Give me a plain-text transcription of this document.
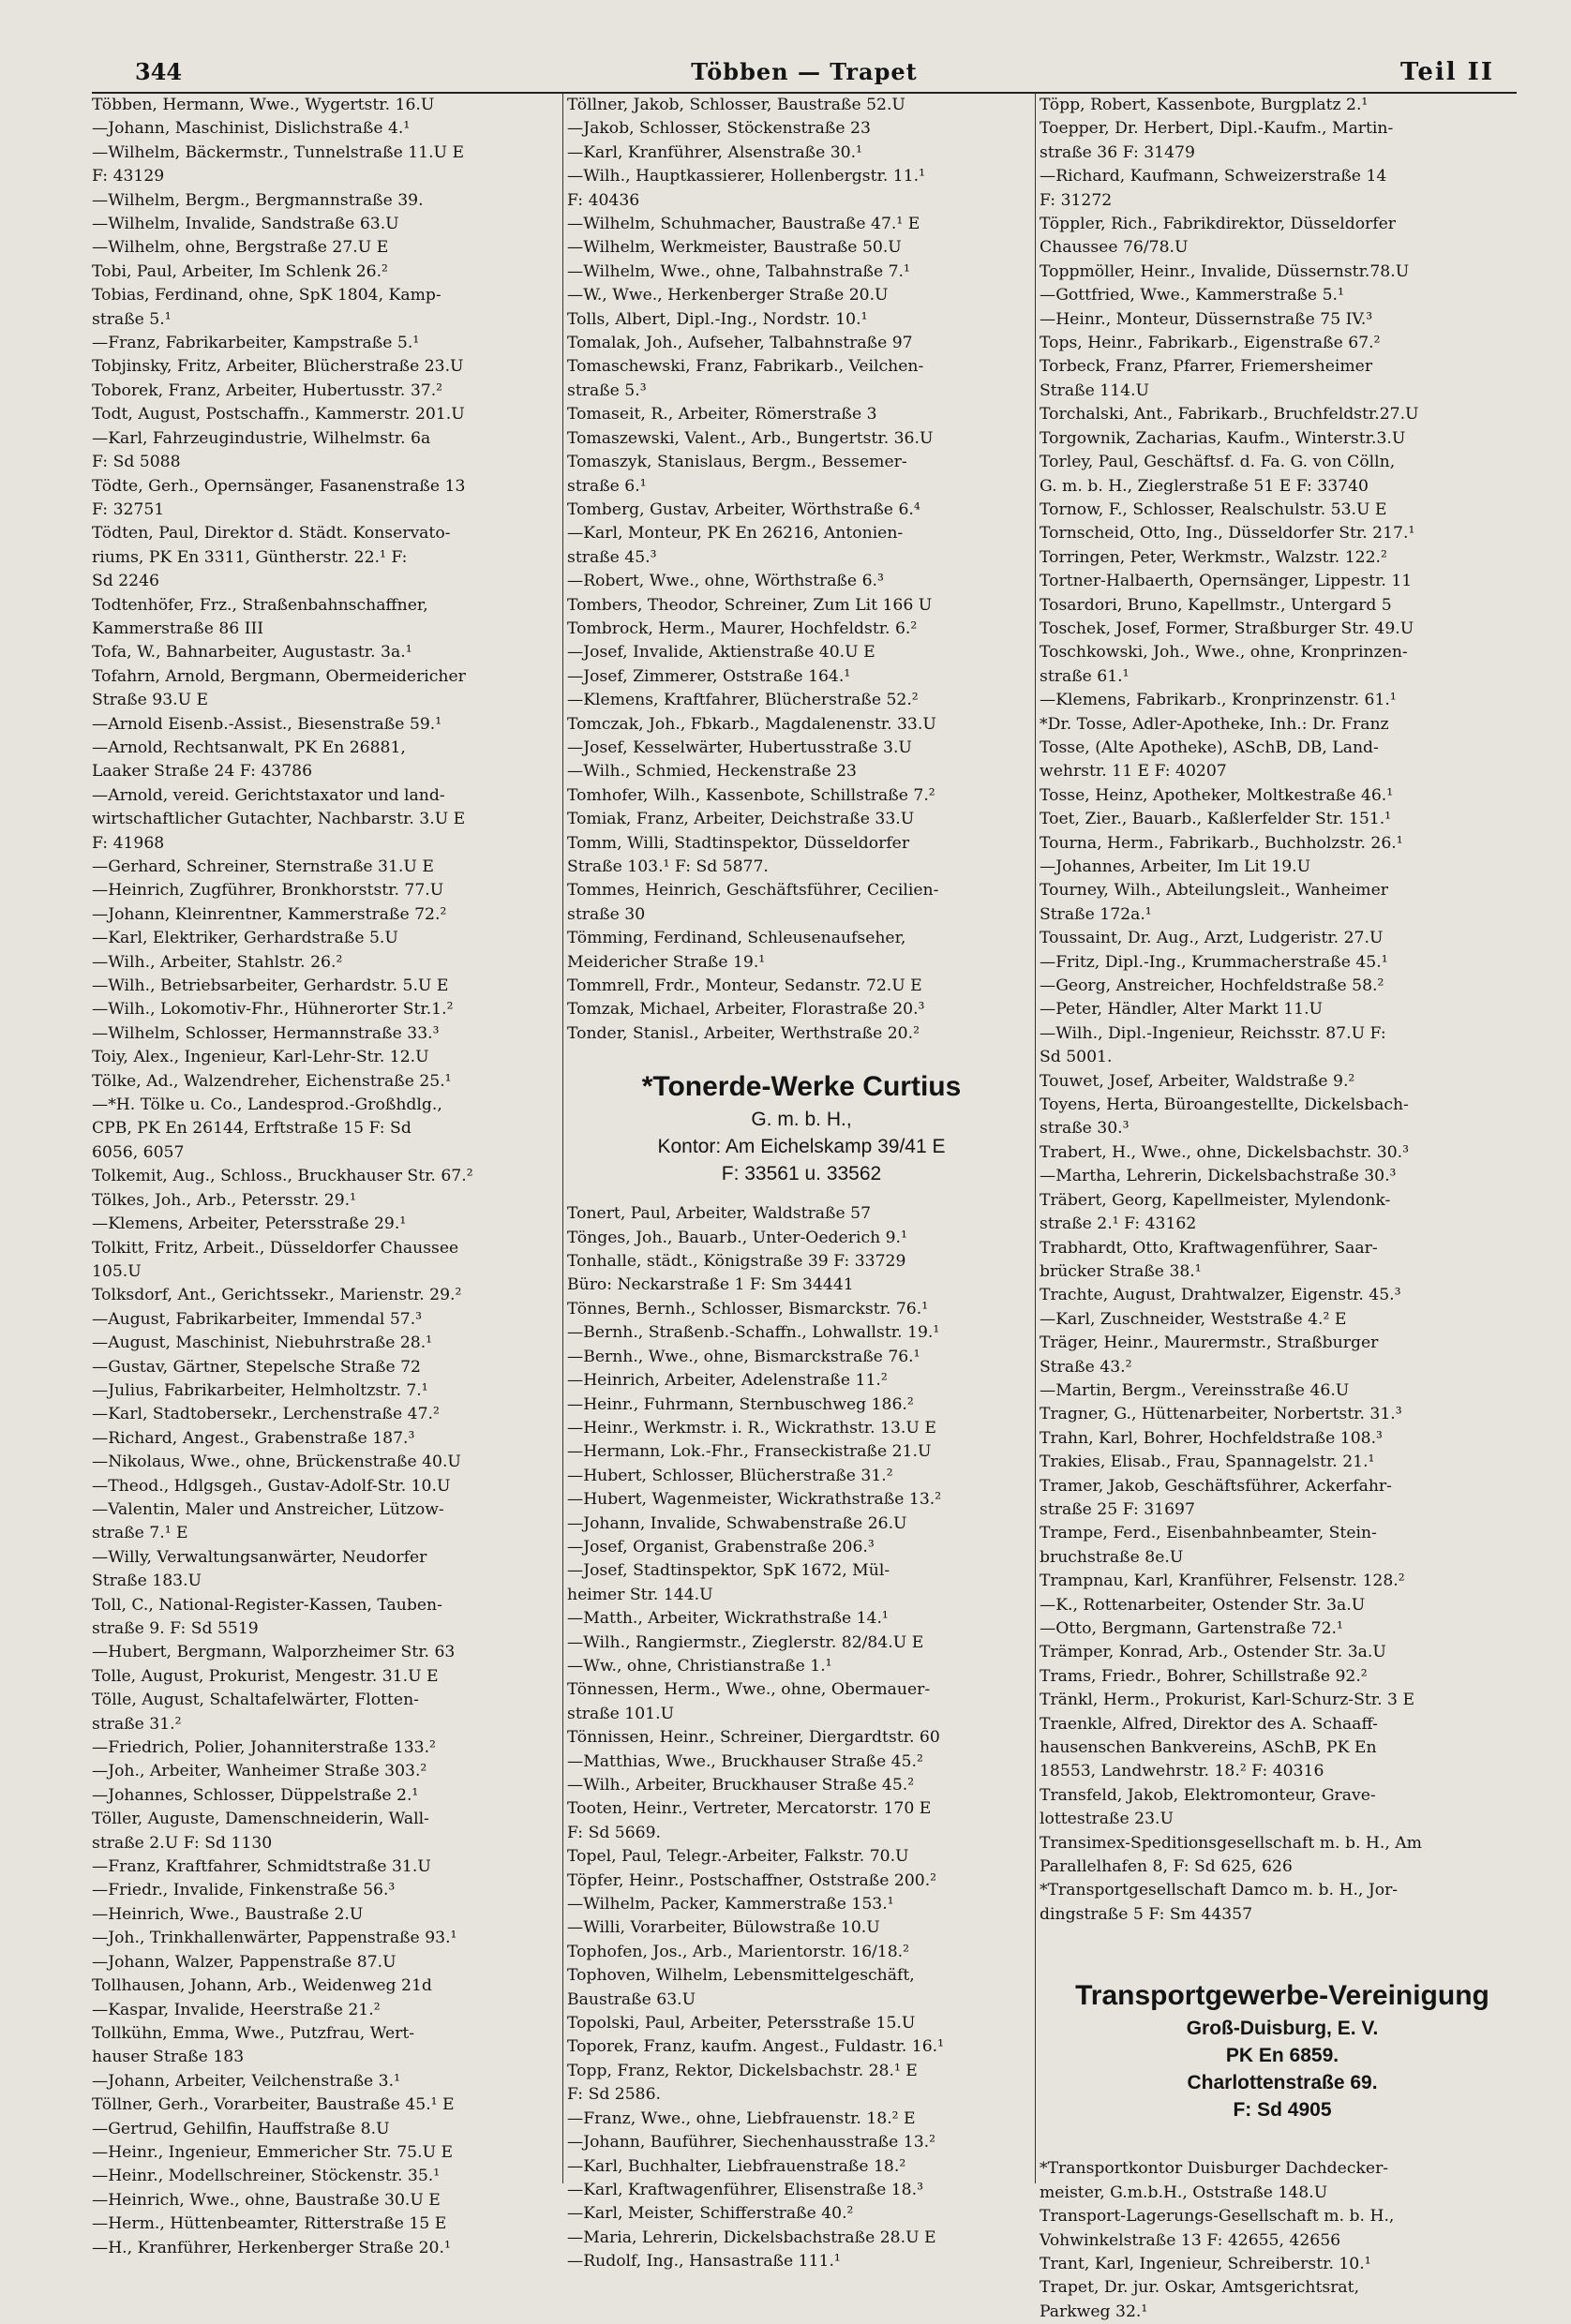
344	Többen — Trapet	Teil II
Többen, Hermann, Wwe., Wygertstr. 16.U
—Johann, Maschinist, Dislichstraße 4.¹
—Wilhelm, Bäckermstr., Tunnelstraße 11.U E
F: 43129
—Wilhelm, Bergm., Bergmannstraße 39.
—Wilhelm, Invalide, Sandstraße 63.U
—Wilhelm, ohne, Bergstraße 27.U E
Tobi, Paul, Arbeiter, Im Schlenk 26.²
Tobias, Ferdinand, ohne, SpK 1804, Kamp-
straße 5.¹
—Franz, Fabrikarbeiter, Kampstraße 5.¹
Tobjinsky, Fritz, Arbeiter, Blücherstraße 23.U
Toborek, Franz, Arbeiter, Hubertusstr. 37.²
Todt, August, Postschaffn., Kammerstr. 201.U
—Karl, Fahrzeugindustrie, Wilhelmstr. 6a
F: Sd 5088
Tödte, Gerh., Opernsänger, Fasanenstraße 13
F: 32751
Tödten, Paul, Direktor d. Städt. Konservato-
riums, PK En 3311, Güntherstr. 22.¹ F:
Sd 2246
Todtenhöfer, Frz., Straßenbahnschaffner,
Kammerstraße 86 III
Tofa, W., Bahnarbeiter, Augustastr. 3a.¹
Tofahrn, Arnold, Bergmann, Obermeidericher
Straße 93.U E
—Arnold Eisenb.-Assist., Biesenstraße 59.¹
—Arnold, Rechtsanwalt, PK En 26881,
Laaker Straße 24 F: 43786
—Arnold, vereid. Gerichtstaxator und land-
wirtschaftlicher Gutachter, Nachbarstr. 3.U E
F: 41968
—Gerhard, Schreiner, Sternstraße 31.U E
—Heinrich, Zugführer, Bronkhorststr. 77.U
—Johann, Kleinrentner, Kammerstraße 72.²
—Karl, Elektriker, Gerhardstraße 5.U
—Wilh., Arbeiter, Stahlstr. 26.²
—Wilh., Betriebsarbeiter, Gerhardstr. 5.U E
—Wilh., Lokomotiv-Fhr., Hühnerorter Str.1.²
—Wilhelm, Schlosser, Hermannstraße 33.³
Toiy, Alex., Ingenieur, Karl-Lehr-Str. 12.U
Tölke, Ad., Walzendreher, Eichenstraße 25.¹
—*H. Tölke u. Co., Landesprod.-Großhdlg.,
CPB, PK En 26144, Erftstraße 15 F: Sd
6056, 6057
Tolkemit, Aug., Schloss., Bruckhauser Str. 67.²
Tölkes, Joh., Arb., Petersstr. 29.¹
—Klemens, Arbeiter, Petersstraße 29.¹
Tolkitt, Fritz, Arbeit., Düsseldorfer Chaussee
105.U
Tolksdorf, Ant., Gerichtssekr., Marienstr. 29.²
—August, Fabrikarbeiter, Immendal 57.³
—August, Maschinist, Niebuhrstraße 28.¹
—Gustav, Gärtner, Stepelsche Straße 72
—Julius, Fabrikarbeiter, Helmholtzstr. 7.¹
—Karl, Stadtobersekr., Lerchenstraße 47.²
—Richard, Angest., Grabenstraße 187.³
—Nikolaus, Wwe., ohne, Brückenstraße 40.U
—Theod., Hdlgsgeh., Gustav-Adolf-Str. 10.U
—Valentin, Maler und Anstreicher, Lützow-
straße 7.¹ E
—Willy, Verwaltungsanwärter, Neudorfer
Straße 183.U
Toll, C., National-Register-Kassen, Tauben-
straße 9. F: Sd 5519
—Hubert, Bergmann, Walporzheimer Str. 63
Tolle, August, Prokurist, Mengestr. 31.U E
Tölle, August, Schaltafelwärter, Flotten-
straße 31.²
—Friedrich, Polier, Johanniterstraße 133.²
—Joh., Arbeiter, Wanheimer Straße 303.²
—Johannes, Schlosser, Düppelstraße 2.¹
Töller, Auguste, Damenschneiderin, Wall-
straße 2.U F: Sd 1130
—Franz, Kraftfahrer, Schmidtstraße 31.U
—Friedr., Invalide, Finkenstraße 56.³
—Heinrich, Wwe., Baustraße 2.U
—Joh., Trinkhallenwärter, Pappenstraße 93.¹
—Johann, Walzer, Pappenstraße 87.U
Tollhausen, Johann, Arb., Weidenweg 21d
—Kaspar, Invalide, Heerstraße 21.²
Tollkühn, Emma, Wwe., Putzfrau, Wert-
hauser Straße 183
—Johann, Arbeiter, Veilchenstraße 3.¹
Töllner, Gerh., Vorarbeiter, Baustraße 45.¹ E
—Gertrud, Gehilfin, Hauffstraße 8.U
—Heinr., Ingenieur, Emmericher Str. 75.U E
—Heinr., Modellschreiner, Stöckenstr. 35.¹
—Heinrich, Wwe., ohne, Baustraße 30.U E
—Herm., Hüttenbeamter, Ritterstraße 15 E
—H., Kranführer, Herkenberger Straße 20.¹
Töllner, Jakob, Schlosser, Baustraße 52.U
—Jakob, Schlosser, Stöckenstraße 23
—Karl, Kranführer, Alsenstraße 30.¹
—Wilh., Hauptkassierer, Hollenbergstr. 11.¹
F: 40436
—Wilhelm, Schuhmacher, Baustraße 47.¹ E
—Wilhelm, Werkmeister, Baustraße 50.U
—Wilhelm, Wwe., ohne, Talbahnstraße 7.¹
—W., Wwe., Herkenberger Straße 20.U
Tolls, Albert, Dipl.-Ing., Nordstr. 10.¹
Tomalak, Joh., Aufseher, Talbahnstraße 97
Tomaschewski, Franz, Fabrikarb., Veilchen-
straße 5.³
Tomaseit, R., Arbeiter, Römerstraße 3
Tomaszewski, Valent., Arb., Bungertstr. 36.U
Tomaszyk, Stanislaus, Bergm., Bessemer-
straße 6.¹
Tomberg, Gustav, Arbeiter, Wörthstraße 6.⁴
—Karl, Monteur, PK En 26216, Antonien-
straße 45.³
—Robert, Wwe., ohne, Wörthstraße 6.³
Tombers, Theodor, Schreiner, Zum Lit 166 U
Tombrock, Herm., Maurer, Hochfeldstr. 6.²
—Josef, Invalide, Aktienstraße 40.U E
—Josef, Zimmerer, Oststraße 164.¹
—Klemens, Kraftfahrer, Blücherstraße 52.²
Tomczak, Joh., Fbkarb., Magdalenenstr. 33.U
—Josef, Kesselwärter, Hubertusstraße 3.U
—Wilh., Schmied, Heckenstraße 23
Tomhofer, Wilh., Kassenbote, Schillstraße 7.²
Tomiak, Franz, Arbeiter, Deichstraße 33.U
Tomm, Willi, Stadtinspektor, Düsseldorfer
Straße 103.¹ F: Sd 5877.
Tommes, Heinrich, Geschäftsführer, Cecilien-
straße 30
Tömming, Ferdinand, Schleusenaufseher,
Meidericher Straße 19.¹
Tommrell, Frdr., Monteur, Sedanstr. 72.U E
Tomzak, Michael, Arbeiter, Florastraße 20.³
Tonder, Stanisl., Arbeiter, Werthstraße 20.²
*Tonerde-Werke Curtius
G. m. b. H.,
Kontor: Am Eichelskamp 39/41 E
F: 33561 u. 33562
Tonert, Paul, Arbeiter, Waldstraße 57
Tönges, Joh., Bauarb., Unter-Oederich 9.¹
Tonhalle, städt., Königstraße 39 F: 33729
Büro: Neckarstraße 1 F: Sm 34441
Tönnes, Bernh., Schlosser, Bismarckstr. 76.¹
—Bernh., Straßenb.-Schaffn., Lohwallstr. 19.¹
—Bernh., Wwe., ohne, Bismarckstraße 76.¹
—Heinrich, Arbeiter, Adelenstraße 11.²
—Heinr., Fuhrmann, Sternbuschweg 186.²
—Heinr., Werkmstr. i. R., Wickrathstr. 13.U E
—Hermann, Lok.-Fhr., Franseckistraße 21.U
—Hubert, Schlosser, Blücherstraße 31.²
—Hubert, Wagenmeister, Wickrathstraße 13.²
—Johann, Invalide, Schwabenstraße 26.U
—Josef, Organist, Grabenstraße 206.³
—Josef, Stadtinspektor, SpK 1672, Mül-
heimer Str. 144.U
—Matth., Arbeiter, Wickrathstraße 14.¹
—Wilh., Rangiermstr., Zieglerstr. 82/84.U E
—Ww., ohne, Christianstraße 1.¹
Tönnessen, Herm., Wwe., ohne, Obermauer-
straße 101.U
Tönnissen, Heinr., Schreiner, Diergardtstr. 60
—Matthias, Wwe., Bruckhauser Straße 45.²
—Wilh., Arbeiter, Bruckhauser Straße 45.²
Tooten, Heinr., Vertreter, Mercatorstr. 170 E
F: Sd 5669.
Topel, Paul, Telegr.-Arbeiter, Falkstr. 70.U
Töpfer, Heinr., Postschaffner, Oststraße 200.²
—Wilhelm, Packer, Kammerstraße 153.¹
—Willi, Vorarbeiter, Bülowstraße 10.U
Tophofen, Jos., Arb., Marientorstr. 16/18.²
Tophoven, Wilhelm, Lebensmittelgeschäft,
Baustraße 63.U
Topolski, Paul, Arbeiter, Petersstraße 15.U
Toporek, Franz, kaufm. Angest., Fuldastr. 16.¹
Topp, Franz, Rektor, Dickelsbachstr. 28.¹ E
F: Sd 2586.
—Franz, Wwe., ohne, Liebfrauenstr. 18.² E
—Johann, Bauführer, Siechenhausstraße 13.²
—Karl, Buchhalter, Liebfrauenstraße 18.²
—Karl, Kraftwagenführer, Elisenstraße 18.³
—Karl, Meister, Schifferstraße 40.²
—Maria, Lehrerin, Dickelsbachstraße 28.U E
—Rudolf, Ing., Hansastraße 111.¹
Töpp, Robert, Kassenbote, Burgplatz 2.¹
Toepper, Dr. Herbert, Dipl.-Kaufm., Martin-
straße 36 F: 31479
—Richard, Kaufmann, Schweizerstraße 14
F: 31272
Töppler, Rich., Fabrikdirektor, Düsseldorfer
Chaussee 76/78.U
Toppmöller, Heinr., Invalide, Düssernstr.78.U
—Gottfried, Wwe., Kammerstraße 5.¹
—Heinr., Monteur, Düssernstraße 75 IV.³
Tops, Heinr., Fabrikarb., Eigenstraße 67.²
Torbeck, Franz, Pfarrer, Friemersheimer
Straße 114.U
Torchalski, Ant., Fabrikarb., Bruchfeldstr.27.U
Torgownik, Zacharias, Kaufm., Winterstr.3.U
Torley, Paul, Geschäftsf. d. Fa. G. von Cölln,
G. m. b. H., Zieglerstraße 51 E F: 33740
Tornow, F., Schlosser, Realschulstr. 53.U E
Tornscheid, Otto, Ing., Düsseldorfer Str. 217.¹
Torringen, Peter, Werkmstr., Walzstr. 122.²
Tortner-Halbaerth, Opernsänger, Lippestr. 11
Tosardori, Bruno, Kapellmstr., Untergard 5
Toschek, Josef, Former, Straßburger Str. 49.U
Toschkowski, Joh., Wwe., ohne, Kronprinzen-
straße 61.¹
—Klemens, Fabrikarb., Kronprinzenstr. 61.¹
*Dr. Tosse, Adler-Apotheke, Inh.: Dr. Franz
Tosse, (Alte Apotheke), ASchB, DB, Land-
wehrstr. 11 E F: 40207
Tosse, Heinz, Apotheker, Moltkestraße 46.¹
Toet, Zier., Bauarb., Kaßlerfelder Str. 151.¹
Tourna, Herm., Fabrikarb., Buchholzstr. 26.¹
—Johannes, Arbeiter, Im Lit 19.U
Tourney, Wilh., Abteilungsleit., Wanheimer
Straße 172a.¹
Toussaint, Dr. Aug., Arzt, Ludgeristr. 27.U
—Fritz, Dipl.-Ing., Krummacherstraße 45.¹
—Georg, Anstreicher, Hochfeldstraße 58.²
—Peter, Händler, Alter Markt 11.U
—Wilh., Dipl.-Ingenieur, Reichsstr. 87.U F:
Sd 5001.
Touwet, Josef, Arbeiter, Waldstraße 9.²
Toyens, Herta, Büroangestellte, Dickelsbach-
straße 30.³
Trabert, H., Wwe., ohne, Dickelsbachstr. 30.³
—Martha, Lehrerin, Dickelsbachstraße 30.³
Träbert, Georg, Kapellmeister, Mylendonk-
straße 2.¹ F: 43162
Trabhardt, Otto, Kraftwagenführer, Saar-
brücker Straße 38.¹
Trachte, August, Drahtwalzer, Eigenstr. 45.³
—Karl, Zuschneider, Weststraße 4.² E
Träger, Heinr., Maurermstr., Straßburger
Straße 43.²
—Martin, Bergm., Vereinsstraße 46.U
Tragner, G., Hüttenarbeiter, Norbertstr. 31.³
Trahn, Karl, Bohrer, Hochfeldstraße 108.³
Trakies, Elisab., Frau, Spannagelstr. 21.¹
Tramer, Jakob, Geschäftsführer, Ackerfahr-
straße 25 F: 31697
Trampe, Ferd., Eisenbahnbeamter, Stein-
bruchstraße 8e.U
Trampnau, Karl, Kranführer, Felsenstr. 128.²
—K., Rottenarbeiter, Ostender Str. 3a.U
—Otto, Bergmann, Gartenstraße 72.¹
Trämper, Konrad, Arb., Ostender Str. 3a.U
Trams, Friedr., Bohrer, Schillstraße 92.²
Tränkl, Herm., Prokurist, Karl-Schurz-Str. 3 E
Traenkle, Alfred, Direktor des A. Schaaff-
hausenschen Bankvereins, ASchB, PK En
18553, Landwehrstr. 18.² F: 40316
Transfeld, Jakob, Elektromonteur, Grave-
lottestraße 23.U
Transimex-Speditionsgesellschaft m. b. H., Am
Parallelhafen 8, F: Sd 625, 626
*Transportgesellschaft Damco m. b. H., Jor-
dingstraße 5 F: Sm 44357
Transportgewerbe-Vereinigung
Groß-Duisburg, E. V.
PK En 6859.
Charlottenstraße 69.
F: Sd 4905
*Transportkontor Duisburger Dachdecker-
meister, G.m.b.H., Oststraße 148.U
Transport-Lagerungs-Gesellschaft m. b. H.,
Vohwinkelstraße 13 F: 42655, 42656
Trant, Karl, Ingenieur, Schreiberstr. 10.¹
Trapet, Dr. jur. Oskar, Amtsgerichtsrat,
Parkweg 32.¹
